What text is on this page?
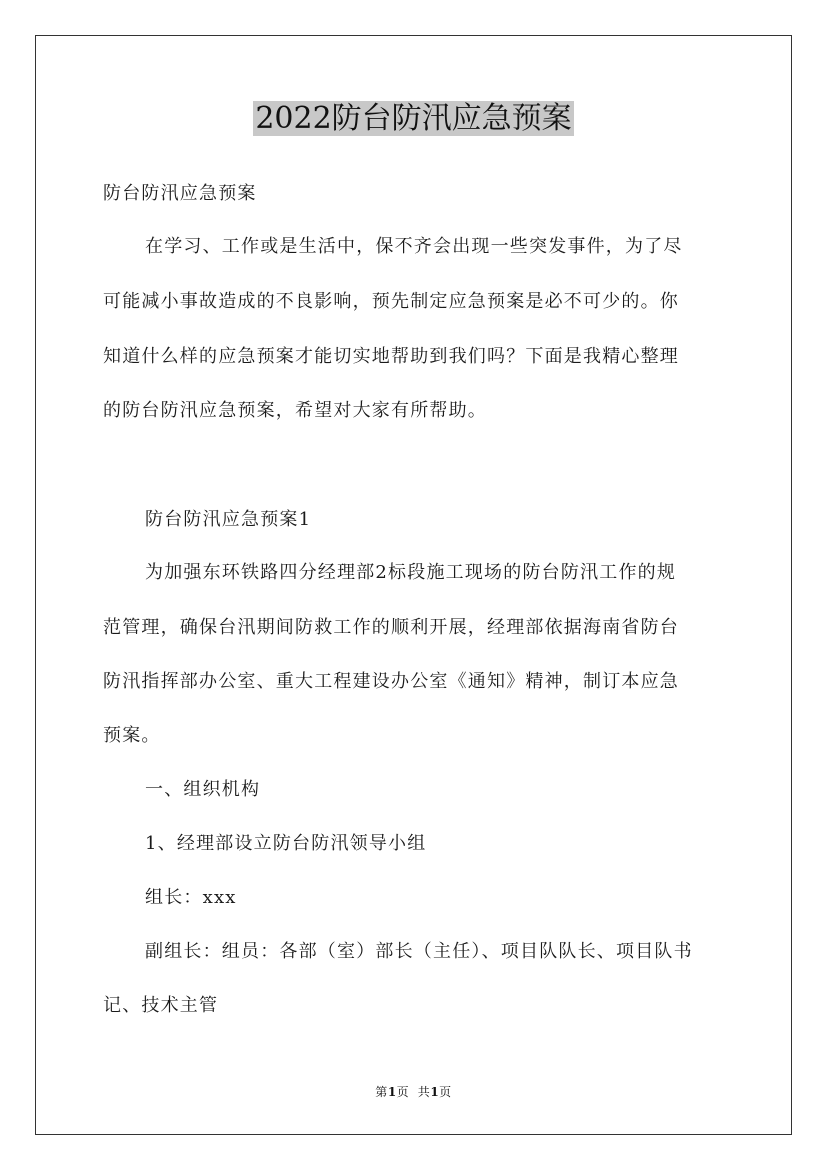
2022防台防汛应急预案

防台防汛应急预案

在学习、工作或是生活中，保不齐会出现一些突发事件，为了尽

可能减小事故造成的不良影响，预先制定应急预案是必不可少的。你

知道什么样的应急预案才能切实地帮助到我们吗？下面是我精心整理

的防台防汛应急预案，希望对大家有所帮助。

防台防汛应急预案1

为加强东环铁路四分经理部2标段施工现场的防台防汛工作的规

范管理，确保台汛期间防救工作的顺利开展，经理部依据海南省防台

防汛指挥部办公室、重大工程建设办公室《通知》精神，制订本应急

预案。

一、组织机构

1、经理部设立防台防汛领导小组

组长：xxx

副组长：组员：各部（室）部长（主任）、项目队队长、项目队书

记、技术主管

第1页  共1页
